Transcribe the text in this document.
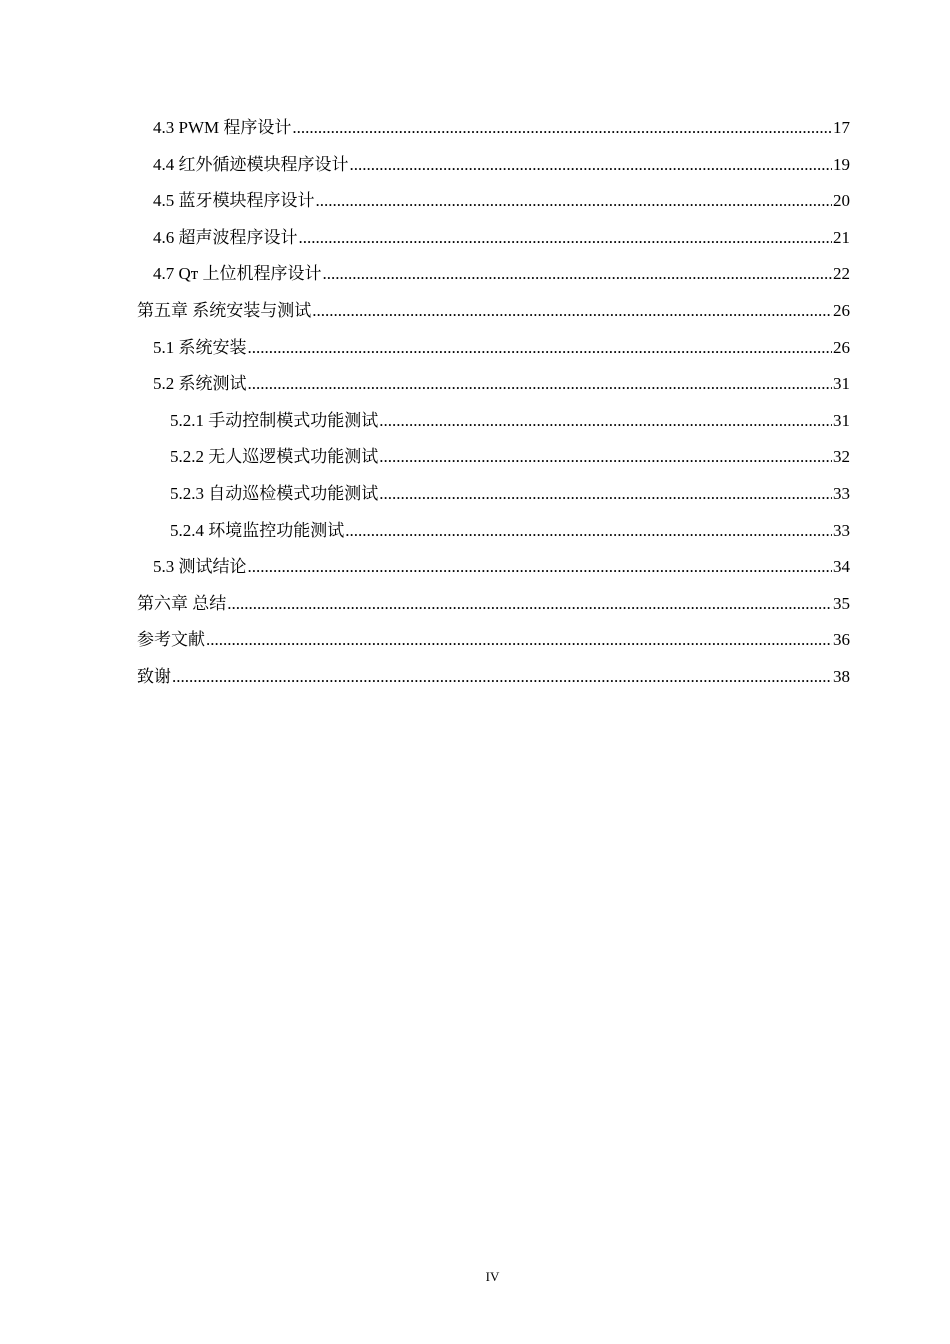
4.3 PWM 程序设计 .....	17
4.4 红外循迹模块程序设计 .....	19
4.5 蓝牙模块程序设计 .....	20
4.6 超声波程序设计 .....	21
4.7 Qт 上位机程序设计 .....	22
第五章 系统安装与测试 .....	26
5.1 系统安装 .....	26
5.2 系统测试 .....	31
5.2.1 手动控制模式功能测试 .....	31
5.2.2 无人巡逻模式功能测试 .....	32
5.2.3 自动巡检模式功能测试 .....	33
5.2.4 环境监控功能测试 .....	33
5.3 测试结论 .....	34
第六章 总结 .....	35
参考文献 .....	36
致谢 .....	38
IV
